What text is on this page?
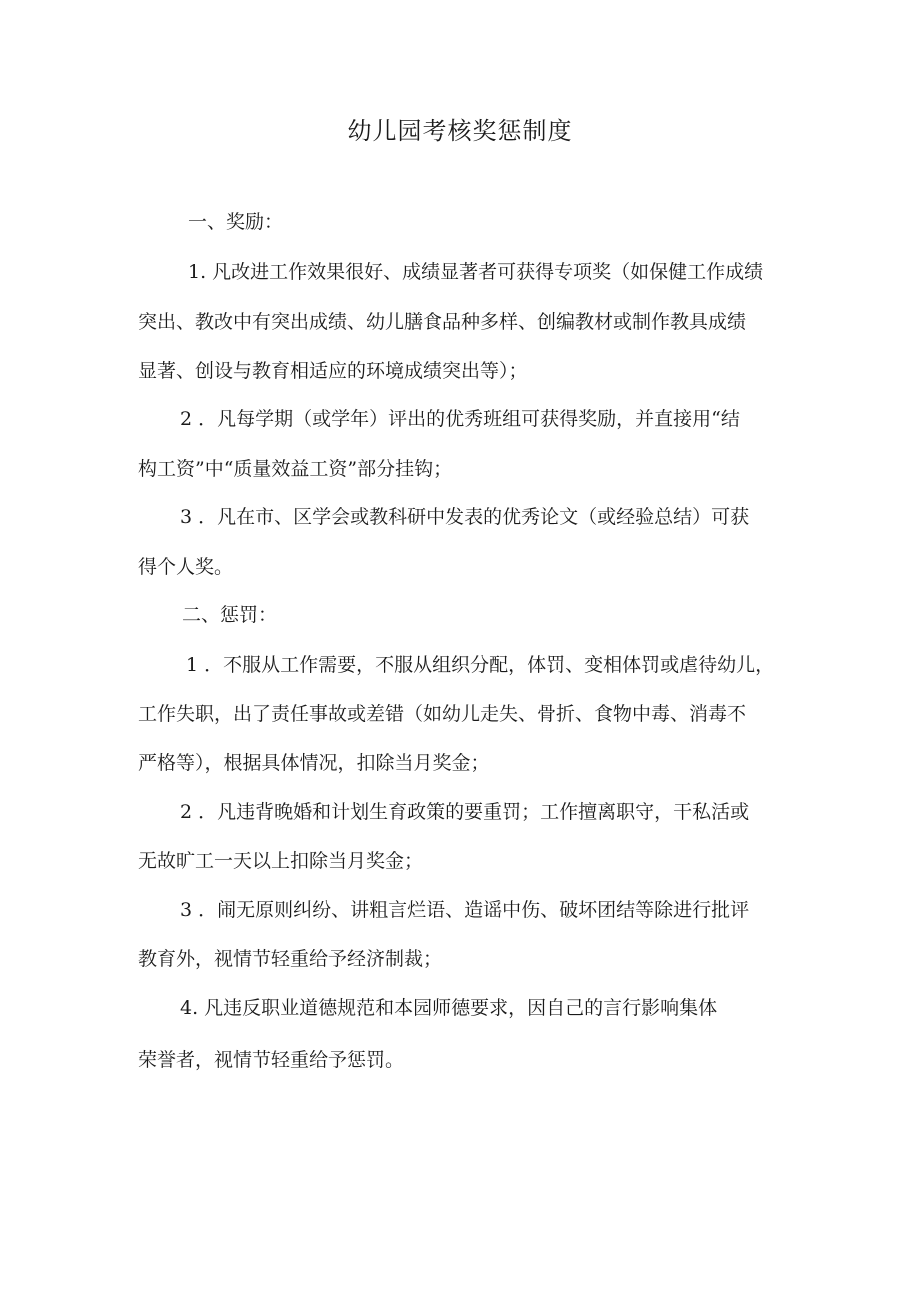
幼儿园考核奖惩制度
一、奖励：
1. 凡改进工作效果很好、成绩显著者可获得专项奖（如保健工作成绩
突出、教改中有突出成绩、幼儿膳食品种多样、创编教材或制作教具成绩
显著、创设与教育相适应的环境成绩突出等）；
2 ．凡每学期（或学年）评出的优秀班组可获得奖励，并直接用“结
构工资”中“质量效益工资”部分挂钩；
3 ．凡在市、区学会或教科研中发表的优秀论文（或经验总结）可获
得个人奖。
二、惩罚：
1 ．不服从工作需要，不服从组织分配，体罚、变相体罚或虐待幼儿，
工作失职，出了责任事故或差错（如幼儿走失、骨折、食物中毒、消毒不
严格等），根据具体情况，扣除当月奖金；
2 ．凡违背晚婚和计划生育政策的要重罚；工作擅离职守，干私活或
无故旷工一天以上扣除当月奖金；
3 ．闹无原则纠纷、讲粗言烂语、造谣中伤、破坏团结等除进行批评
教育外，视情节轻重给予经济制裁；
4. 凡违反职业道德规范和本园师德要求，因自己的言行影响集体
荣誉者，视情节轻重给予惩罚。
